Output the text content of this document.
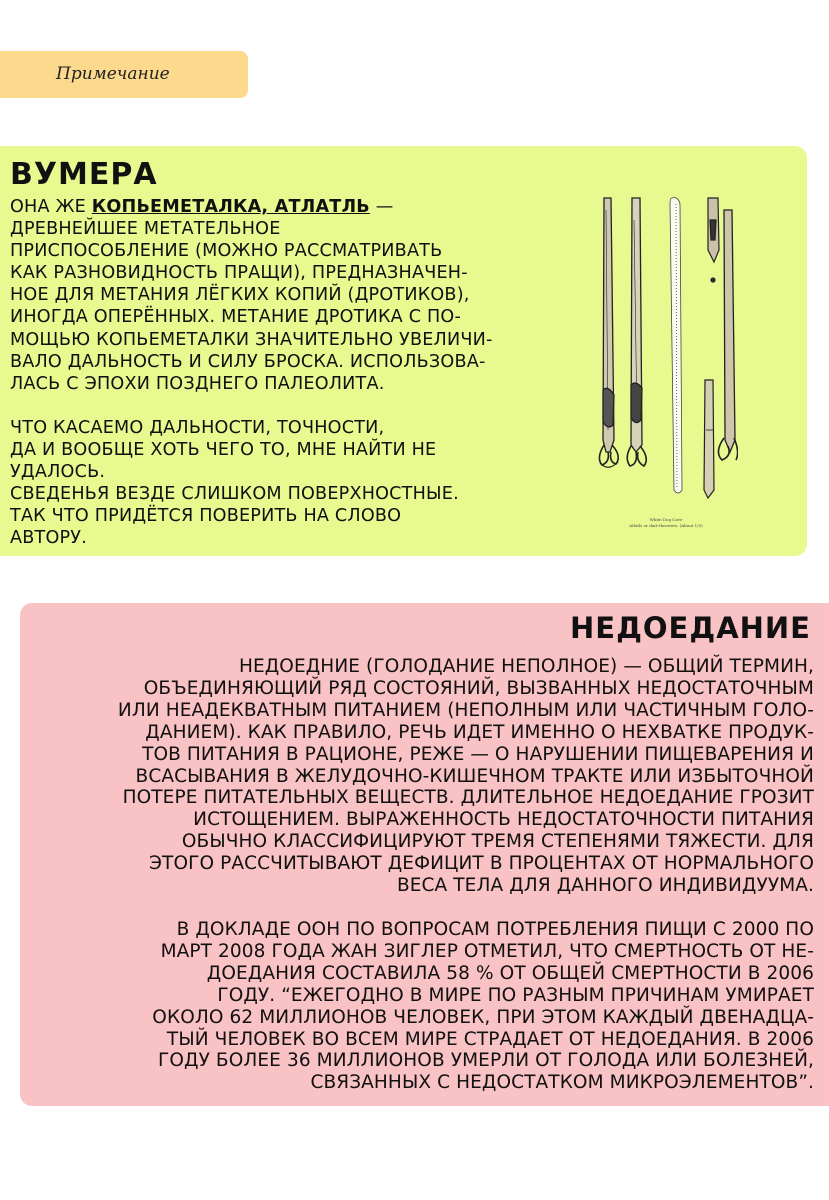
Примечание
ВУМЕРА

ОНА ЖЕ КОПЬЕМЕТАЛКА, АТЛАТЛЬ —
ДРЕВНЕЙШЕЕ МЕТАТЕЛЬНОЕ
ПРИСПОСОБЛЕНИЕ (МОЖНО РАССМАТРИВАТЬ
КАК РАЗНОВИДНОСТЬ ПРАЩИ), ПРЕДНАЗНАЧЕН-
НОЕ ДЛЯ МЕТАНИЯ ЛЁГКИХ КОПИЙ (ДРОТИКОВ),
ИНОГДА ОПЕРЁННЫХ. МЕТАНИЕ ДРОТИКА С ПО-
МОЩЬЮ КОПЬЕМЕТАЛКИ ЗНАЧИТЕЛЬНО УВЕЛИЧИ-
ВАЛО ДАЛЬНОСТЬ И СИЛУ БРОСКА. ИСПОЛЬЗОВА-
ЛАСЬ С ЭПОХИ ПОЗДНЕГО ПАЛЕОЛИТА.

ЧТО КАСАЕМО ДАЛЬНОСТИ, ТОЧНОСТИ,
ДА И ВООБЩЕ ХОТЬ ЧЕГО ТО, МНЕ НАЙТИ НЕ
УДАЛОСЬ.
СВЕДЕНЬЯ ВЕЗДЕ СЛИШКОМ ПОВЕРХНОСТНЫЕ.
ТАК ЧТО ПРИДЁТСЯ ПОВЕРИТЬ НА СЛОВО
АВТОРУ.

White Dog Cave
Atlatls or dart-throwers. (About 1/5)
НЕДОЕДАНИЕ

НЕДОЕДНИЕ (ГОЛОДАНИЕ НЕПОЛНОЕ) — ОБЩИЙ ТЕРМИН,
ОБЪЕДИНЯЮЩИЙ РЯД СОСТОЯНИЙ, ВЫЗВАННЫХ НЕДОСТАТОЧНЫМ
ИЛИ НЕАДЕКВАТНЫМ ПИТАНИЕМ (НЕПОЛНЫМ ИЛИ ЧАСТИЧНЫМ ГОЛО-
ДАНИЕМ). КАК ПРАВИЛО, РЕЧЬ ИДЕТ ИМЕННО О НЕХВАТКЕ ПРОДУК-
ТОВ ПИТАНИЯ В РАЦИОНЕ, РЕЖЕ — О НАРУШЕНИИ ПИЩЕВАРЕНИЯ И
ВСАСЫВАНИЯ В ЖЕЛУДОЧНО-КИШЕЧНОМ ТРАКТЕ ИЛИ ИЗБЫТОЧНОЙ
ПОТЕРЕ ПИТАТЕЛЬНЫХ ВЕЩЕСТВ. ДЛИТЕЛЬНОЕ НЕДОЕДАНИЕ ГРОЗИТ
ИСТОЩЕНИЕМ. ВЫРАЖЕННОСТЬ НЕДОСТАТОЧНОСТИ ПИТАНИЯ
ОБЫЧНО КЛАССИФИЦИРУЮТ ТРЕМЯ СТЕПЕНЯМИ ТЯЖЕСТИ. ДЛЯ
ЭТОГО РАССЧИТЫВАЮТ ДЕФИЦИТ В ПРОЦЕНТАХ ОТ НОРМАЛЬНОГО
ВЕСА ТЕЛА ДЛЯ ДАННОГО ИНДИВИДУУМА.

В ДОКЛАДЕ ООН ПО ВОПРОСАМ ПОТРЕБЛЕНИЯ ПИЩИ С 2000 ПО
МАРТ 2008 ГОДА ЖАН ЗИГЛЕР ОТМЕТИЛ, ЧТО СМЕРТНОСТЬ ОТ НЕ-
ДОЕДАНИЯ СОСТАВИЛА 58 % ОТ ОБЩЕЙ СМЕРТНОСТИ В 2006
ГОДУ. “ЕЖЕГОДНО В МИРЕ ПО РАЗНЫМ ПРИЧИНАМ УМИРАЕТ
ОКОЛО 62 МИЛЛИОНОВ ЧЕЛОВЕК, ПРИ ЭТОМ КАЖДЫЙ ДВЕНАДЦА-
ТЫЙ ЧЕЛОВЕК ВО ВСЕМ МИРЕ СТРАДАЕТ ОТ НЕДОЕДАНИЯ. В 2006
ГОДУ БОЛЕЕ 36 МИЛЛИОНОВ УМЕРЛИ ОТ ГОЛОДА ИЛИ БОЛЕЗНЕЙ,
СВЯЗАННЫХ С НЕДОСТАТКОМ МИКРОЭЛЕМЕНТОВ”.
